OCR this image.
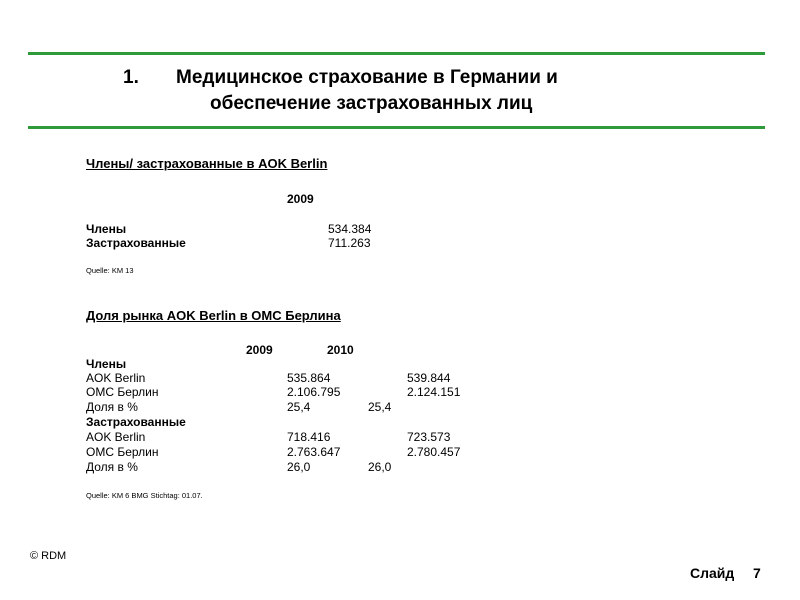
1. Медицинское страхование в Германии и
обеспечение застрахованных лиц
Члены/ застрахованные в AOK Berlin
2009
Члены	534.384
Застрахованные	711.263
Quelle: KM 13
Доля рынка AOK Berlin в ОМС Берлина
2009	2010
Члены
AOK Berlin	535.864	539.844
ОМС Берлин	2.106.795	2.124.151
Доля в %	25,4	25,4
Застрахованные
AOK Berlin	718.416	723.573
ОМС Берлин	2.763.647	2.780.457
Доля в %	26,0	26,0
Quelle: KM 6 BMG Stichtag: 01.07.
© RDM
Слайд 7
